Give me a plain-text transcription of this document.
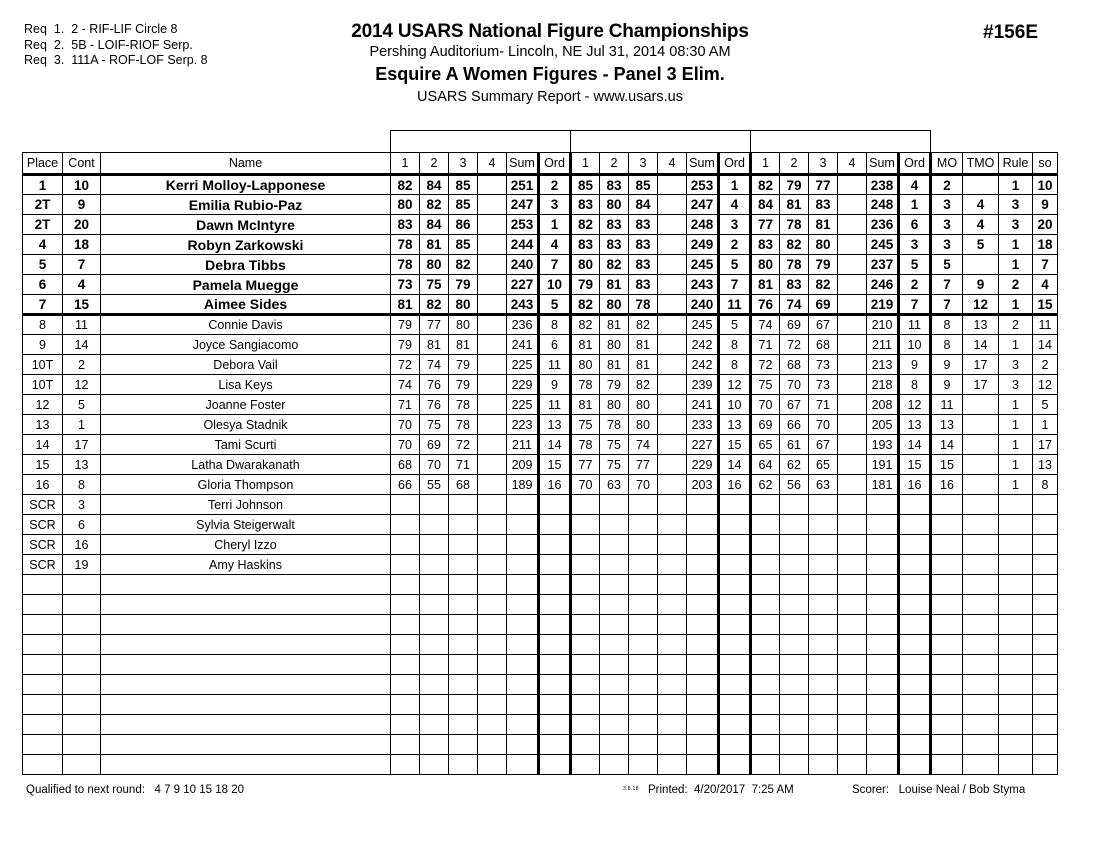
Req  1.  2 - RIF-LIF Circle 8
Req  2.  5B - LOIF-RIOF Serp.
Req  3.  111A - ROF-LOF Serp. 8
2014 USARS National Figure Championships
Pershing Auditorium- Lincoln, NE Jul 31, 2014 08:30 AM
Esquire A Women Figures - Panel 3 Elim.
USARS Summary Report - www.usars.us
#156E

Place	Cont	Name	1	2	3	4	Sum	Ord	1	2	3	4	Sum	Ord	1	2	3	4	Sum	Ord	MO	TMO	Rule	so
1	10	Kerri Molloy-Lapponese	82	84	85		251	2	85	83	85		253	1	82	79	77		238	4	2		1	10
2T	9	Emilia Rubio-Paz	80	82	85		247	3	83	80	84		247	4	84	81	83		248	1	3	4	3	9
2T	20	Dawn McIntyre	83	84	86		253	1	82	83	83		248	3	77	78	81		236	6	3	4	3	20
4	18	Robyn Zarkowski	78	81	85		244	4	83	83	83		249	2	83	82	80		245	3	3	5	1	18
5	7	Debra Tibbs	78	80	82		240	7	80	82	83		245	5	80	78	79		237	5	5		1	7
6	4	Pamela Muegge	73	75	79		227	10	79	81	83		243	7	81	83	82		246	2	7	9	2	4
7	15	Aimee Sides	81	82	80		243	5	82	80	78		240	11	76	74	69		219	7	7	12	1	15
8	11	Connie Davis	79	77	80		236	8	82	81	82		245	5	74	69	67		210	11	8	13	2	11
9	14	Joyce Sangiacomo	79	81	81		241	6	81	80	81		242	8	71	72	68		211	10	8	14	1	14
10T	2	Debora Vail	72	74	79		225	11	80	81	81		242	8	72	68	73		213	9	9	17	3	2
10T	12	Lisa Keys	74	76	79		229	9	78	79	82		239	12	75	70	73		218	8	9	17	3	12
12	5	Joanne Foster	71	76	78		225	11	81	80	80		241	10	70	67	71		208	12	11		1	5
13	1	Olesya Stadnik	70	75	78		223	13	75	78	80		233	13	69	66	70		205	13	13		1	1
14	17	Tami Scurti	70	69	72		211	14	78	75	74		227	15	65	61	67		193	14	14		1	17
15	13	Latha Dwarakanath	68	70	71		209	15	77	75	77		229	14	64	62	65		191	15	15		1	13
16	8	Gloria Thompson	66	55	68		189	16	70	63	70		203	16	62	56	63		181	16	16		1	8
SCR	3	Terri Johnson																						
SCR	6	Sylvia Steigerwalt																						
SCR	16	Cheryl Izzo																						
SCR	19	Amy Haskins																						

Qualified to next round:   4 7 9 10 15 18 20	3.8.18 Printed:  4/20/2017  7:25 AM	Scorer:   Louise Neal / Bob Styma
